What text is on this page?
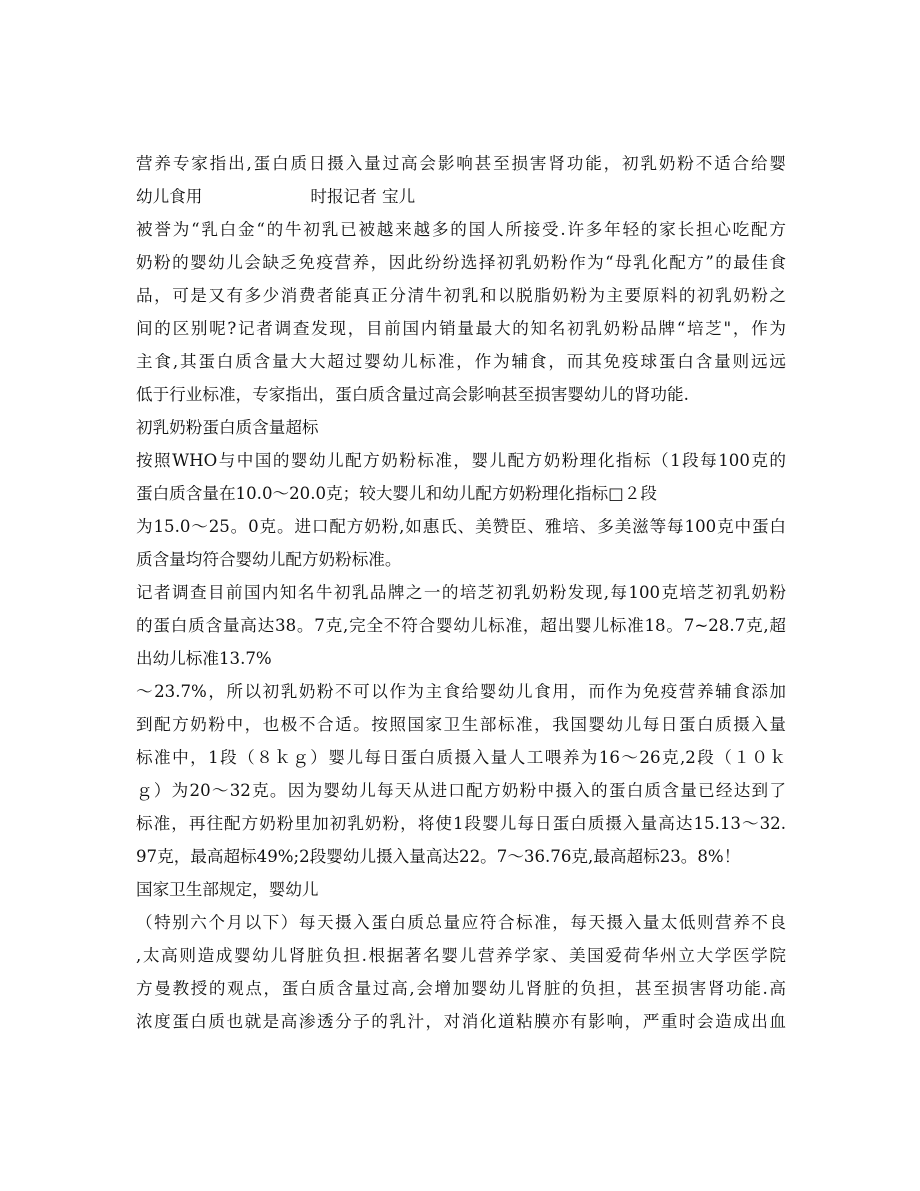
营养专家指出,蛋白质日摄入量过高会影响甚至损害肾功能，初乳奶粉不适合给婴
幼儿食用	时报记者 宝儿
被誉为“乳白金“的牛初乳已被越来越多的国人所接受.许多年轻的家长担心吃配方
奶粉的婴幼儿会缺乏免疫营养，因此纷纷选择初乳奶粉作为“母乳化配方”的最佳食
品，可是又有多少消费者能真正分清牛初乳和以脱脂奶粉为主要原料的初乳奶粉之
间的区别呢?记者调查发现，目前国内销量最大的知名初乳奶粉品牌“培芝"，作为
主食,其蛋白质含量大大超过婴幼儿标准，作为辅食，而其免疫球蛋白含量则远远
低于行业标准，专家指出，蛋白质含量过高会影响甚至损害婴幼儿的肾功能.
初乳奶粉蛋白质含量超标
按照WHO与中国的婴幼儿配方奶粉标准，婴儿配方奶粉理化指标（1段每100克的
蛋白质含量在10.0～20.0克；较大婴儿和幼儿配方奶粉理化指标□２段
为15.0～25。0克。进口配方奶粉,如惠氏、美赞臣、雅培、多美滋等每100克中蛋白
质含量均符合婴幼儿配方奶粉标准。
记者调查目前国内知名牛初乳品牌之一的培芝初乳奶粉发现,每100克培芝初乳奶粉
的蛋白质含量高达38。7克,完全不符合婴幼儿标准，超出婴儿标准18。7~28.7克,超
出幼儿标准13.7%
～23.7%，所以初乳奶粉不可以作为主食给婴幼儿食用，而作为免疫营养辅食添加
到配方奶粉中，也极不合适。按照国家卫生部标准，我国婴幼儿每日蛋白质摄入量
标准中，1段（８ｋｇ）婴儿每日蛋白质摄入量人工喂养为16～26克,2段（１０ｋ
ｇ）为20～32克。因为婴幼儿每天从进口配方奶粉中摄入的蛋白质含量已经达到了
标准，再往配方奶粉里加初乳奶粉，将使1段婴儿每日蛋白质摄入量高达15.13～32.
97克，最高超标49%;2段婴幼儿摄入量高达22。7～36.76克,最高超标23。8%！
国家卫生部规定，婴幼儿
（特别六个月以下）每天摄入蛋白质总量应符合标准，每天摄入量太低则营养不良
,太高则造成婴幼儿肾脏负担.根据著名婴儿营养学家、美国爱荷华州立大学医学院
方曼教授的观点，蛋白质含量过高,会增加婴幼儿肾脏的负担，甚至损害肾功能.高
浓度蛋白质也就是高渗透分子的乳汁，对消化道粘膜亦有影响，严重时会造成出血
